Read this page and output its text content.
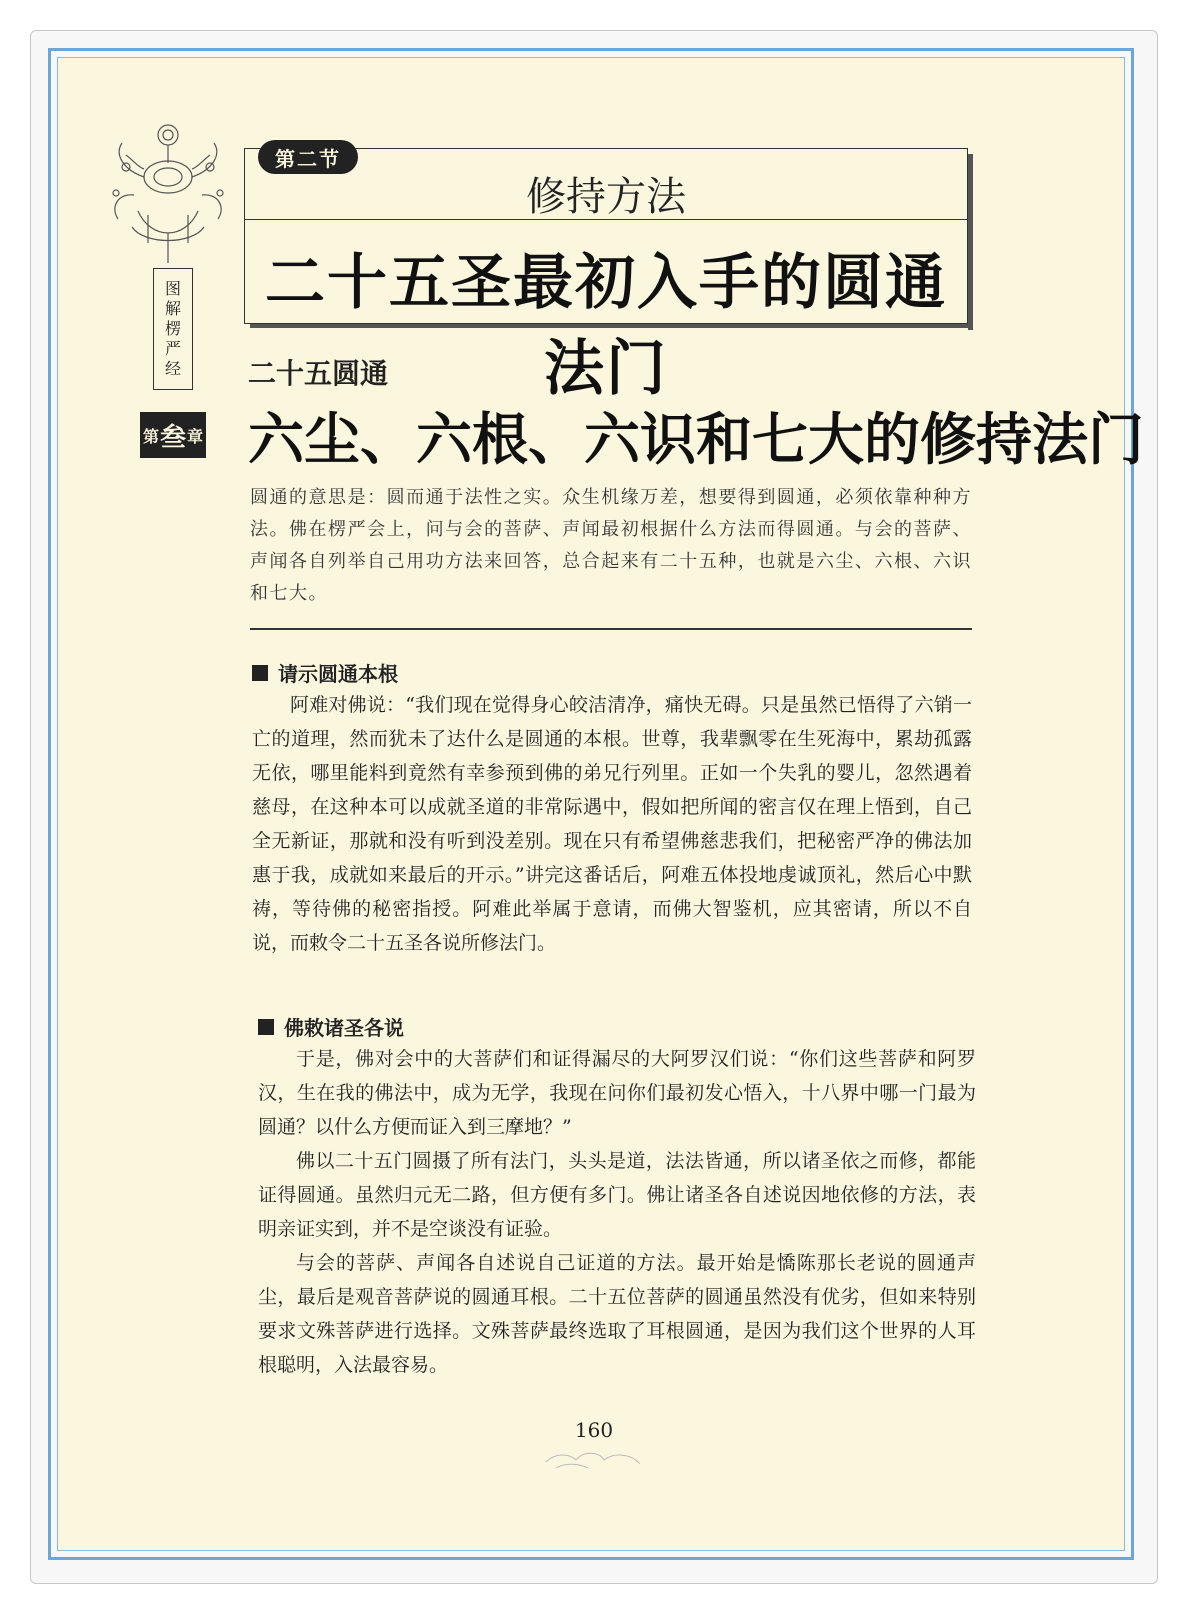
图
解
楞
严
经
第 叁 章
修持方法
二十五圣最初入手的圆通法门
第二节
二十五圆通
六尘、六根、六识和七大的修持法门
圆通的意思是：圆而通于法性之实。众生机缘万差，想要得到圆通，必须依靠种种方法。佛在楞严会上，问与会的菩萨、声闻最初根据什么方法而得圆通。与会的菩萨、声闻各自列举自己用功方法来回答，总合起来有二十五种，也就是六尘、六根、六识和七大。
请示圆通本根

阿难对佛说：“我们现在觉得身心皎洁清净，痛快无碍。只是虽然已悟得了六销一亡的道理，然而犹未了达什么是圆通的本根。世尊，我辈飘零在生死海中，累劫孤露无依，哪里能料到竟然有幸参预到佛的弟兄行列里。正如一个失乳的婴儿，忽然遇着慈母，在这种本可以成就圣道的非常际遇中，假如把所闻的密言仅在理上悟到，自己全无新证，那就和没有听到没差别。现在只有希望佛慈悲我们，把秘密严净的佛法加惠于我，成就如来最后的开示。”讲完这番话后，阿难五体投地虔诚顶礼，然后心中默祷，等待佛的秘密指授。阿难此举属于意请，而佛大智鉴机，应其密请，所以不自说，而敕令二十五圣各说所修法门。

佛敕诸圣各说

于是，佛对会中的大菩萨们和证得漏尽的大阿罗汉们说：“你们这些菩萨和阿罗汉，生在我的佛法中，成为无学，我现在问你们最初发心悟入，十八界中哪一门最为圆通？以什么方便而证入到三摩地？”

佛以二十五门圆摄了所有法门，头头是道，法法皆通，所以诸圣依之而修，都能证得圆通。虽然归元无二路，但方便有多门。佛让诸圣各自述说因地依修的方法，表明亲证实到，并不是空谈没有证验。

与会的菩萨、声闻各自述说自己证道的方法。最开始是憍陈那长老说的圆通声尘，最后是观音菩萨说的圆通耳根。二十五位菩萨的圆通虽然没有优劣，但如来特别要求文殊菩萨进行选择。文殊菩萨最终选取了耳根圆通，是因为我们这个世界的人耳根聪明，入法最容易。

160
